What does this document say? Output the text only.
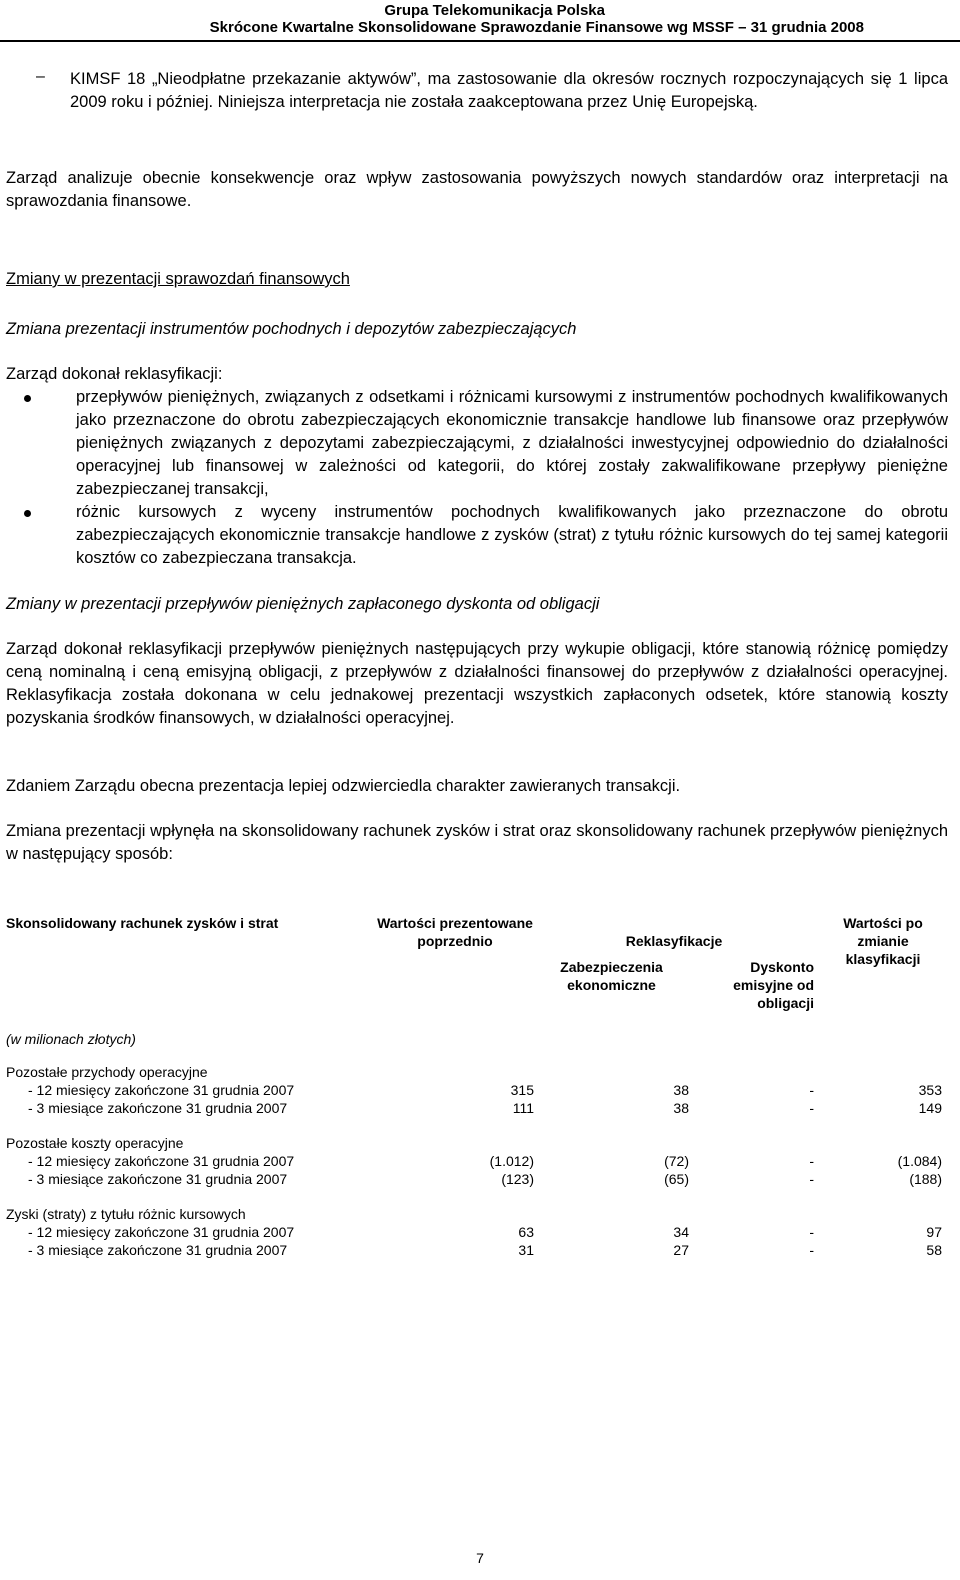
Grupa Telekomunikacja Polska
Skrócone Kwartalne Skonsolidowane Sprawozdanie Finansowe wg MSSF – 31 grudnia 2008
– KIMSF 18 „Nieodpłatne przekazanie aktywów”, ma zastosowanie dla okresów rocznych rozpoczynających się 1 lipca 2009 roku i później. Niniejsza interpretacja nie została zaakceptowana przez Unię Europejską.

Zarząd analizuje obecnie konsekwencje oraz wpływ zastosowania powyższych nowych standardów oraz interpretacji na sprawozdania finansowe.

Zmiany w prezentacji sprawozdań finansowych

Zmiana prezentacji instrumentów pochodnych i depozytów zabezpieczających

Zarząd dokonał reklasyfikacji:

przepływów pieniężnych, związanych z odsetkami i różnicami kursowymi z instrumentów pochodnych kwalifikowanych jako przeznaczone do obrotu zabezpieczających ekonomicznie transakcje handlowe lub finansowe oraz przepływów pieniężnych związanych z depozytami zabezpieczającymi, z działalności inwestycyjnej odpowiednio do działalności operacyjnej lub finansowej w zależności od kategorii, do której zostały zakwalifikowane przepływy pieniężne zabezpieczanej transakcji,
różnic kursowych z wyceny instrumentów pochodnych kwalifikowanych jako przeznaczone do obrotu zabezpieczających ekonomicznie transakcje handlowe z zysków (strat) z tytułu różnic kursowych do tej samej kategorii kosztów co zabezpieczana transakcja.

Zmiany w prezentacji przepływów pieniężnych zapłaconego dyskonta od obligacji

Zarząd dokonał reklasyfikacji przepływów pieniężnych następujących przy wykupie obligacji, które stanowią różnicę pomiędzy ceną nominalną i ceną emisyjną obligacji, z przepływów z działalności finansowej do przepływów z działalności operacyjnej. Reklasyfikacja została dokonana w celu jednakowej prezentacji wszystkich zapłaconych odsetek, które stanowią koszty pozyskania środków finansowych, w działalności operacyjnej.

Zdaniem Zarządu obecna prezentacja lepiej odzwierciedla charakter zawieranych transakcji.

Zmiana prezentacji wpłynęła na skonsolidowany rachunek zysków i strat oraz skonsolidowany rachunek przepływów pieniężnych w następujący sposób:

Skonsolidowany rachunek zysków i strat	Wartości prezentowane poprzednio	Reklasyfikacje		Wartości po zmianie klasyfikacji
		Zabezpieczenia ekonomiczne	Dyskonto emisyjne od obligacji	
(w milionach złotych)				
Pozostałe przychody operacyjne				
- 12 miesięcy zakończone 31 grudnia 2007	315	38	-	353
- 3 miesiące zakończone 31 grudnia 2007	111	38	-	149
Pozostałe koszty operacyjne				
- 12 miesięcy zakończone 31 grudnia 2007	(1.012)	(72)	-	(1.084)
- 3 miesiące zakończone 31 grudnia 2007	(123)	(65)	-	(188)
Zyski (straty) z tytułu różnic kursowych				
- 12 miesięcy zakończone 31 grudnia 2007	63	34	-	97
- 3 miesiące zakończone 31 grudnia 2007	31	27	-	58
7
